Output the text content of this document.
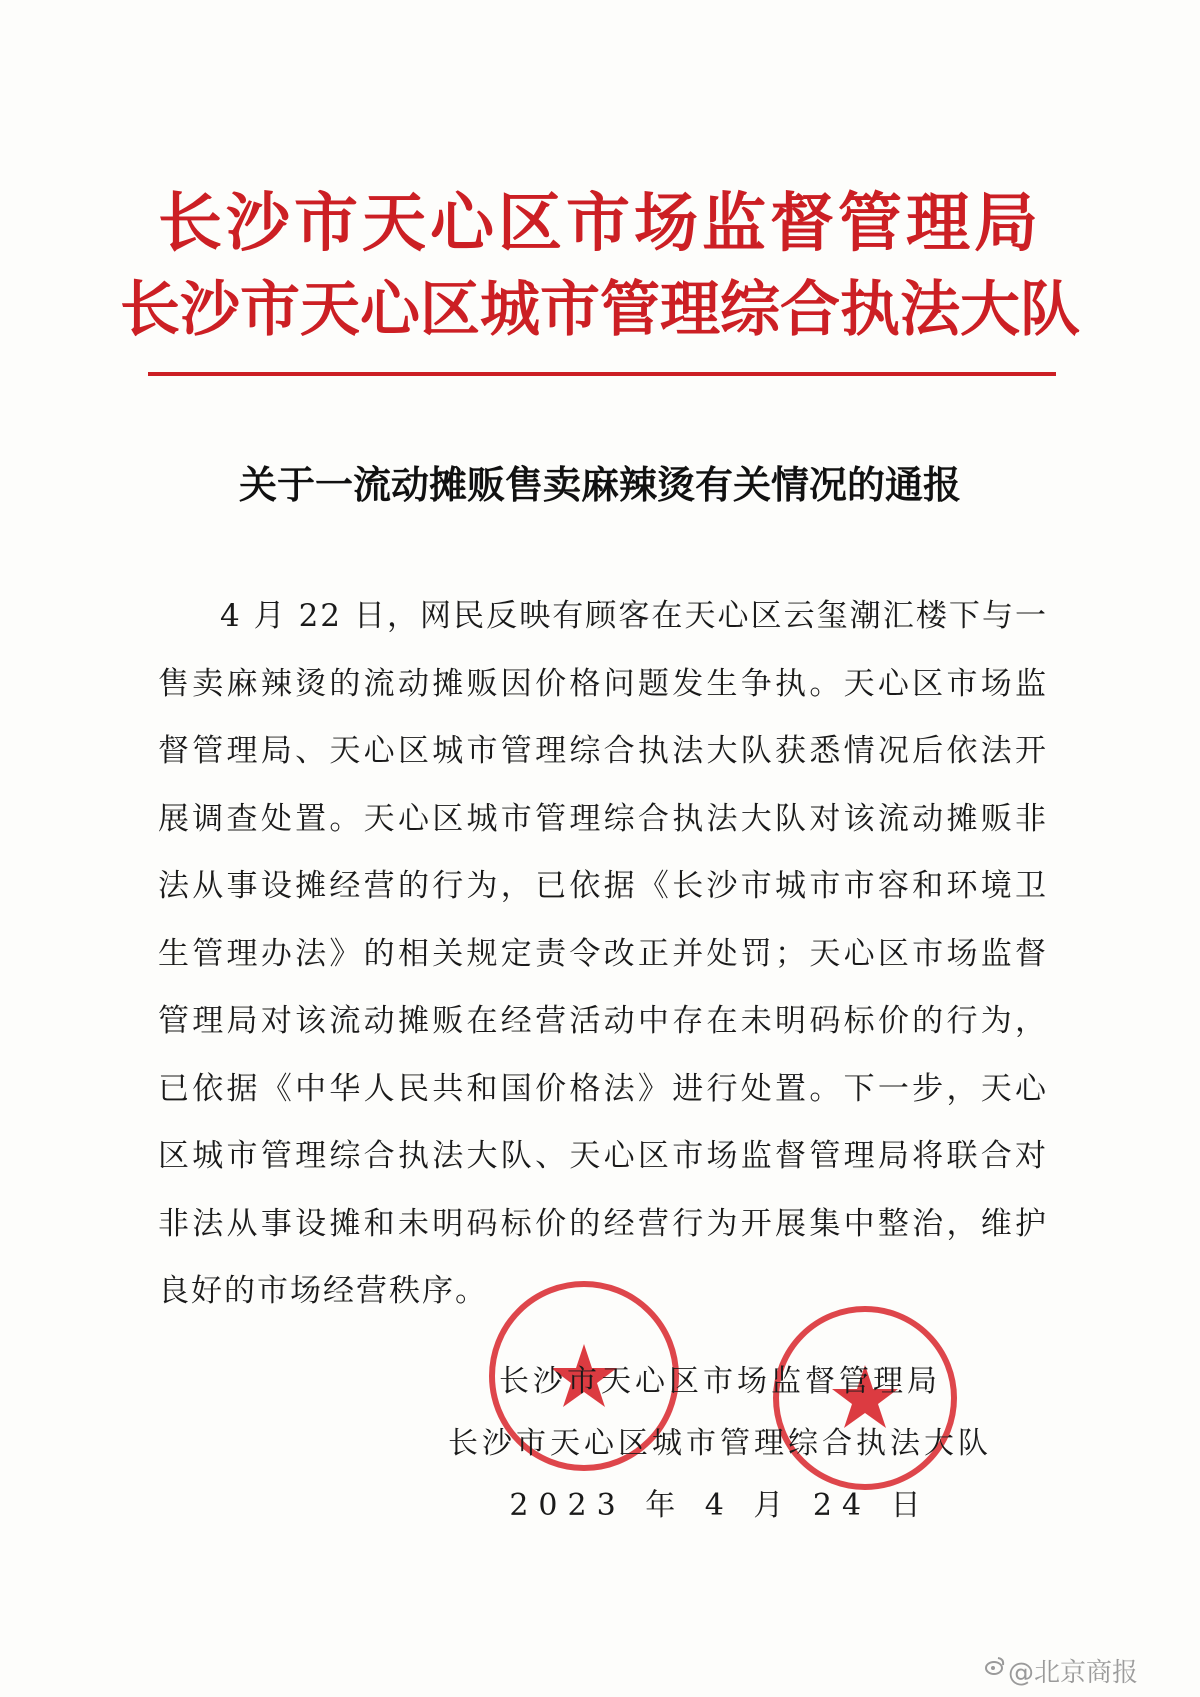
长沙市天心区市场监督管理局
长沙市天心区城市管理综合执法大队
关于一流动摊贩售卖麻辣烫有关情况的通报
4 月 22 日，网民反映有顾客在天心区云玺潮汇楼下与一售卖麻辣烫的流动摊贩因价格问题发生争执。天心区市场监督管理局、天心区城市管理综合执法大队获悉情况后依法开展调查处置。天心区城市管理综合执法大队对该流动摊贩非法从事设摊经营的行为，已依据《长沙市城市市容和环境卫生管理办法》的相关规定责令改正并处罚；天心区市场监督管理局对该流动摊贩在经营活动中存在未明码标价的行为，已依据《中华人民共和国价格法》进行处置。下一步，天心区城市管理综合执法大队、天心区市场监督管理局将联合对非法从事设摊和未明码标价的经营行为开展集中整治，维护良好的市场经营秩序。
长沙市天心区市场监督管理局
长沙市天心区城市管理综合执法大队
2023 年 4 月 24 日
@北京商报
